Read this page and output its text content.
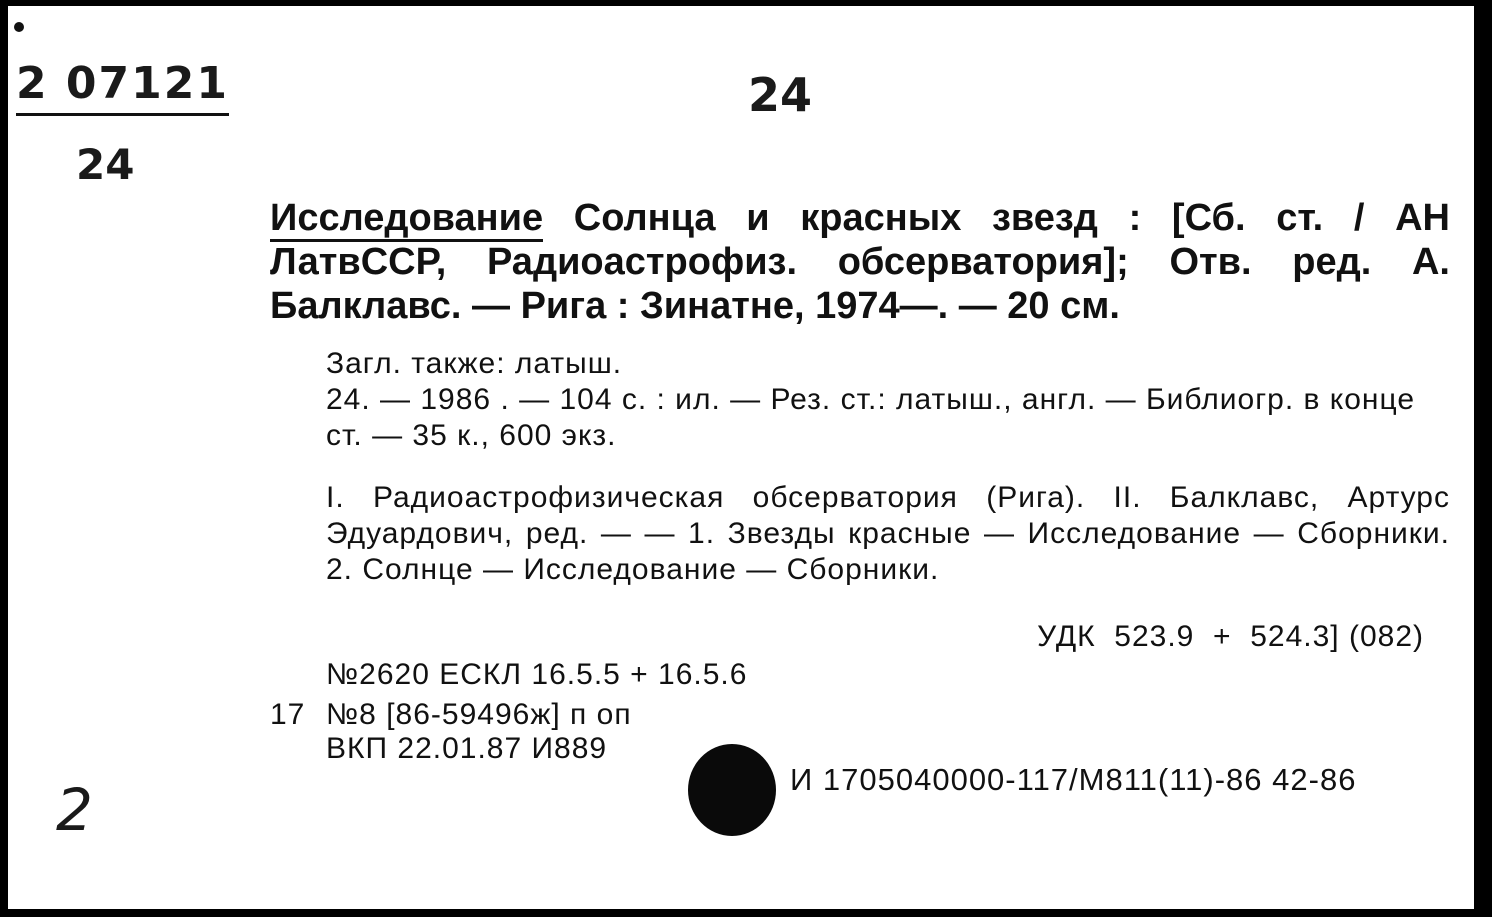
2 07121
24
24
2
Исследование Солнца и красных звезд : [Сб. ст. / АН ЛатвССР, Радиоастрофиз. обсерватория]; Отв. ред. А. Балклавс. — Рига : Зинатне, 1974—. — 20 см.
Загл. также: латыш.
24. — 1986 . — 104 с. : ил. — Рез. ст.: латыш., англ. — Библиогр. в конце ст. — 35 к., 600 экз.
I. Радиоастрофизическая обсерватория (Рига). II. Балклавс, Артурс Эдуардович, ред. — — 1. Звезды красные — Исследование — Сборники. 2. Солнце — Исследование — Сборники.
УДК  523.9  +  524.3] (082)
№2620 ЕСКЛ 16.5.5 + 16.5.6
17 №8 [86-59496ж] п оп
ВКП 22.01.87 И889
И 1705040000-117/М811(11)-86 42-86
